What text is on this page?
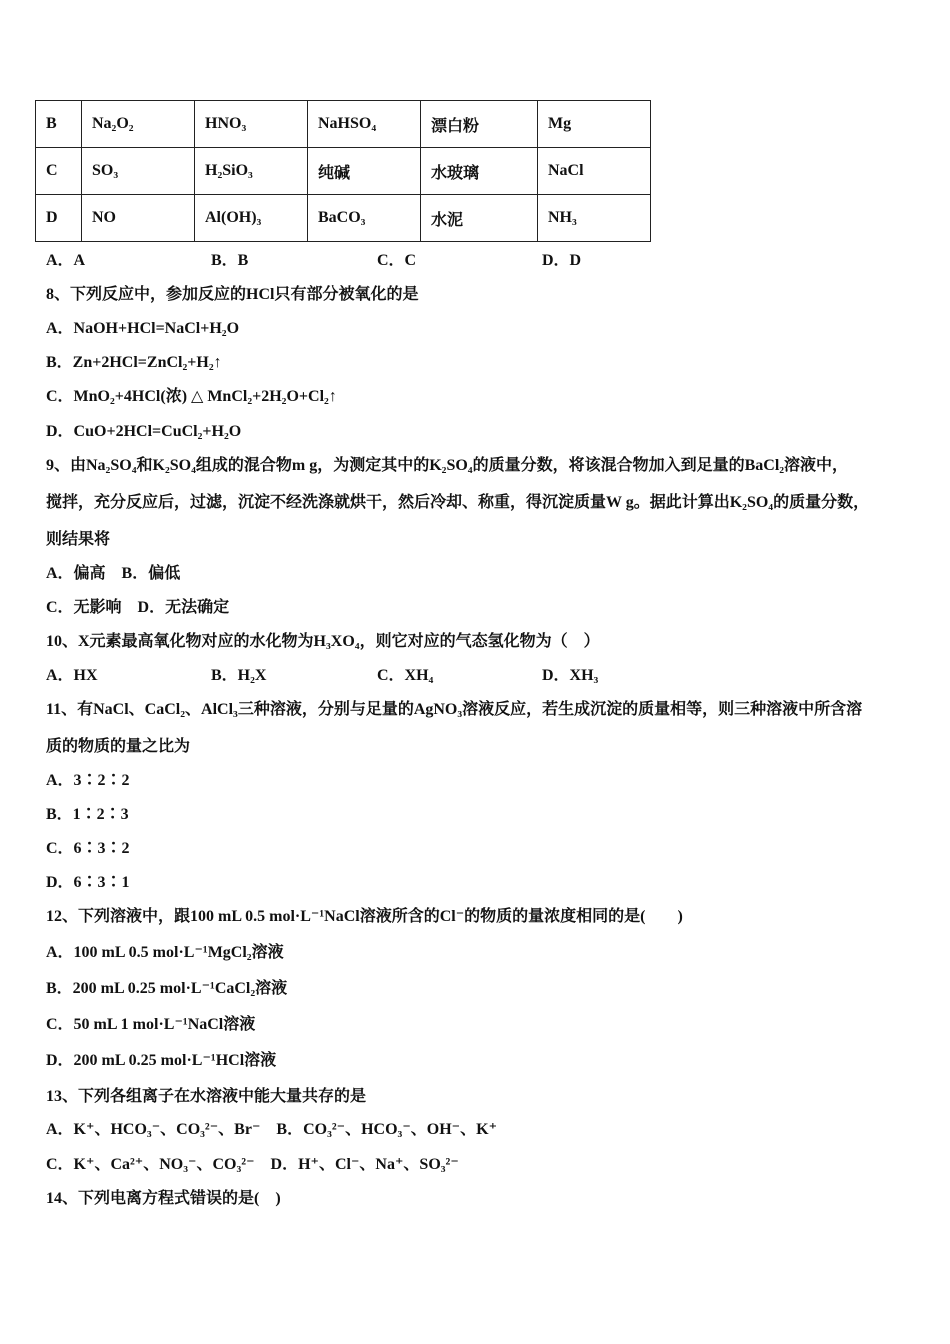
B	Na₂O₂	HNO₃	NaHSO₄	漂白粉	Mg
C	SO₃	H₂SiO₃	纯碱	水玻璃	NaCl
D	NO	Al(OH)₃	BaCO₃	水泥	NH₃
A．A	B．B	C．C	D．D
8、下列反应中，参加反应的HCl只有部分被氧化的是
A．NaOH+HCl=NaCl+H₂O
B．Zn+2HCl=ZnCl₂+H₂↑
C．MnO₂+4HCl(浓) △ MnCl₂+2H₂O+Cl₂↑
D．CuO+2HCl=CuCl₂+H₂O
9、由Na₂SO₄和K₂SO₄组成的混合物m g，为测定其中的K₂SO₄的质量分数，将该混合物加入到足量的BaCl₂溶液中，
搅拌，充分反应后，过滤，沉淀不经洗涤就烘干，然后冷却、称重，得沉淀质量W g。据此计算出K₂SO₄的质量分数，
则结果将
A．偏高　B．偏低
C．无影响　D．无法确定
10、X元素最高氧化物对应的水化物为H₃XO₄，则它对应的气态氢化物为（　）
A．HX	B．H₂X	C．XH₄	D．XH₃
11、有NaCl、CaCl₂、AlCl₃三种溶液，分别与足量的AgNO₃溶液反应，若生成沉淀的质量相等，则三种溶液中所含溶
质的物质的量之比为
A．3∶2∶2
B．1∶2∶3
C．6∶3∶2
D．6∶3∶1
12、下列溶液中，跟100 mL 0.5 mol·L⁻¹NaCl溶液所含的Cl⁻的物质的量浓度相同的是(　　)
A．100 mL 0.5 mol·L⁻¹MgCl₂溶液
B．200 mL 0.25 mol·L⁻¹CaCl₂溶液
C．50 mL 1 mol·L⁻¹NaCl溶液
D．200 mL 0.25 mol·L⁻¹HCl溶液
13、下列各组离子在水溶液中能大量共存的是
A．K⁺、HCO₃⁻、CO₃²⁻、Br⁻　B．CO₃²⁻、HCO₃⁻、OH⁻、K⁺
C．K⁺、Ca²⁺、NO₃⁻、CO₃²⁻　D．H⁺、Cl⁻、Na⁺、SO₃²⁻
14、下列电离方程式错误的是(　)
